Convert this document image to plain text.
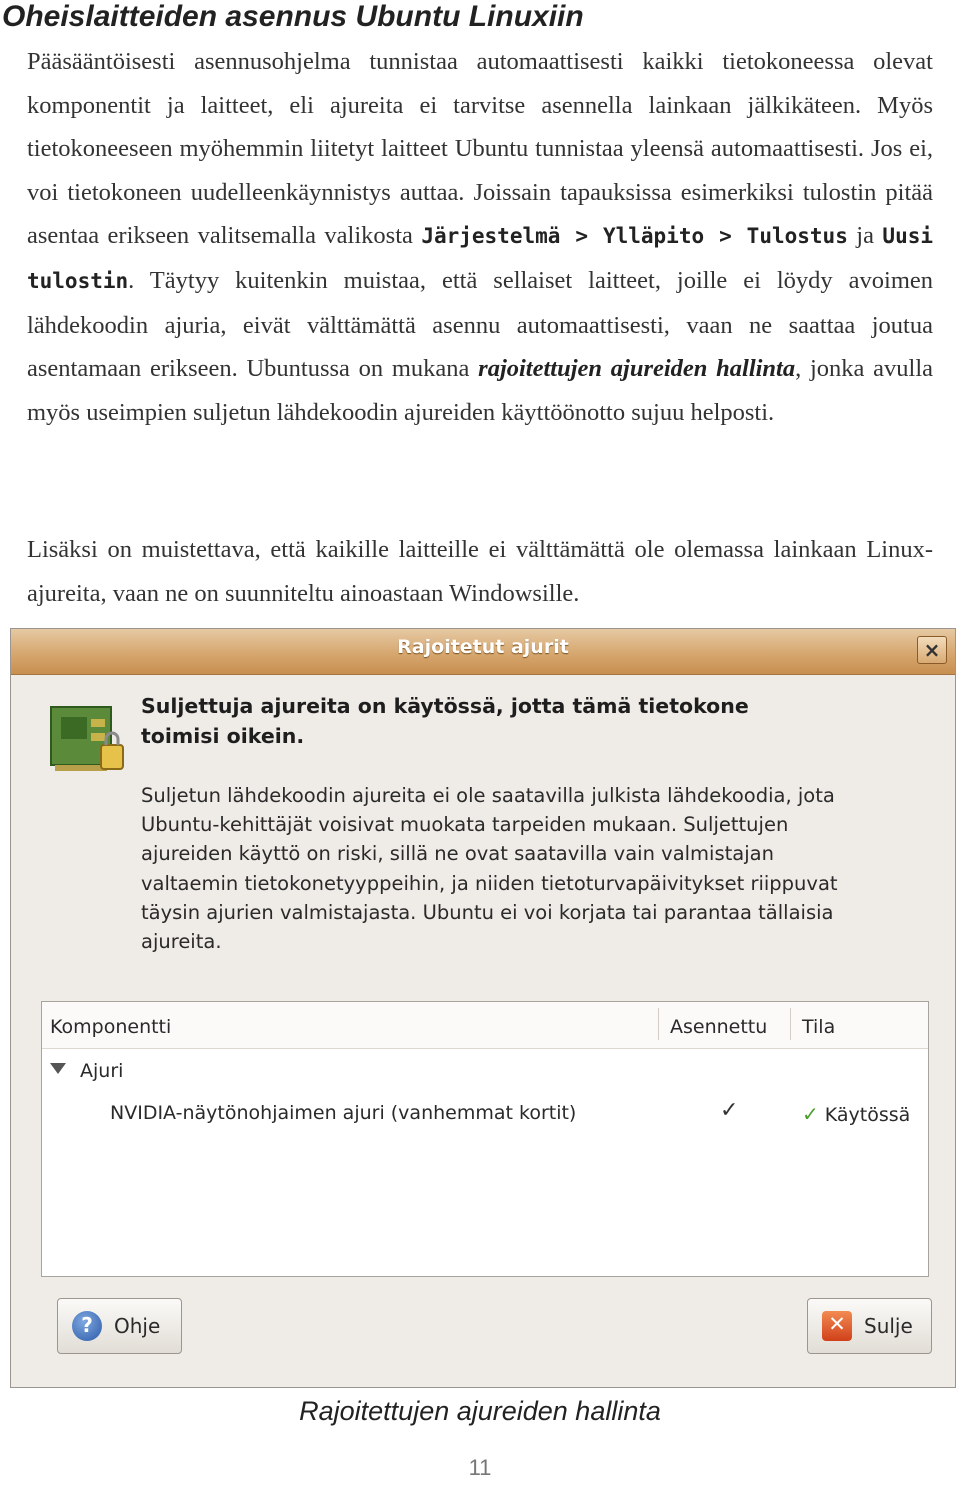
Oheislaitteiden asennus Ubuntu Linuxiin

Pääsääntöisesti asennusohjelma tunnistaa automaattisesti kaikki tietokoneessa olevat komponentit ja laitteet, eli ajureita ei tarvitse asennella lainkaan jälkikäteen. Myös tietokoneeseen myöhemmin liitetyt laitteet Ubuntu tunnistaa yleensä automaattisesti. Jos ei, voi tietokoneen uudelleenkäynnistys auttaa. Joissain tapauksissa esimerkiksi tulostin pitää asentaa erikseen valitsemalla valikosta Järjestelmä > Ylläpito > Tulostus ja Uusi tulostin. Täytyy kuitenkin muistaa, että sellaiset laitteet, joille ei löydy avoimen lähdekoodin ajuria, eivät välttämättä asennu automaattisesti, vaan ne saattaa joutua asentamaan erikseen. Ubuntussa on mukana rajoitettujen ajureiden hallinta, jonka avulla myös useimpien suljetun lähdekoodin ajureiden käyttöönotto sujuu helposti.

Lisäksi on muistettava, että kaikille laitteille ei välttämättä ole olemassa lainkaan Linux-ajureita, vaan ne on suunniteltu ainoastaan Windowsille.

Rajoitetut ajurit	×

Suljettuja ajureita on käytössä, jotta tämä tietokone
toimisi oikein.

Suljetun lähdekoodin ajureita ei ole saatavilla julkista lähdekoodia, jota Ubuntu-kehittäjät voisivat muokata tarpeiden mukaan. Suljettujen ajureiden käyttö on riski, sillä ne ovat saatavilla vain valmistajan valtaemin tietokonetyyppeihin, ja niiden tietoturvapäivitykset riippuvat täysin ajurien valmistajasta. Ubuntu ei voi korjata tai parantaa tällaisia ajureita.

Komponentti	Asennettu Tila
Ajuri
NVIDIA-näytönohjaimen ajuri (vanhemmat kortit)	✓	✓ Käytössä
?	Ohje	✕ Sulje

Rajoitettujen ajureiden hallinta

11
